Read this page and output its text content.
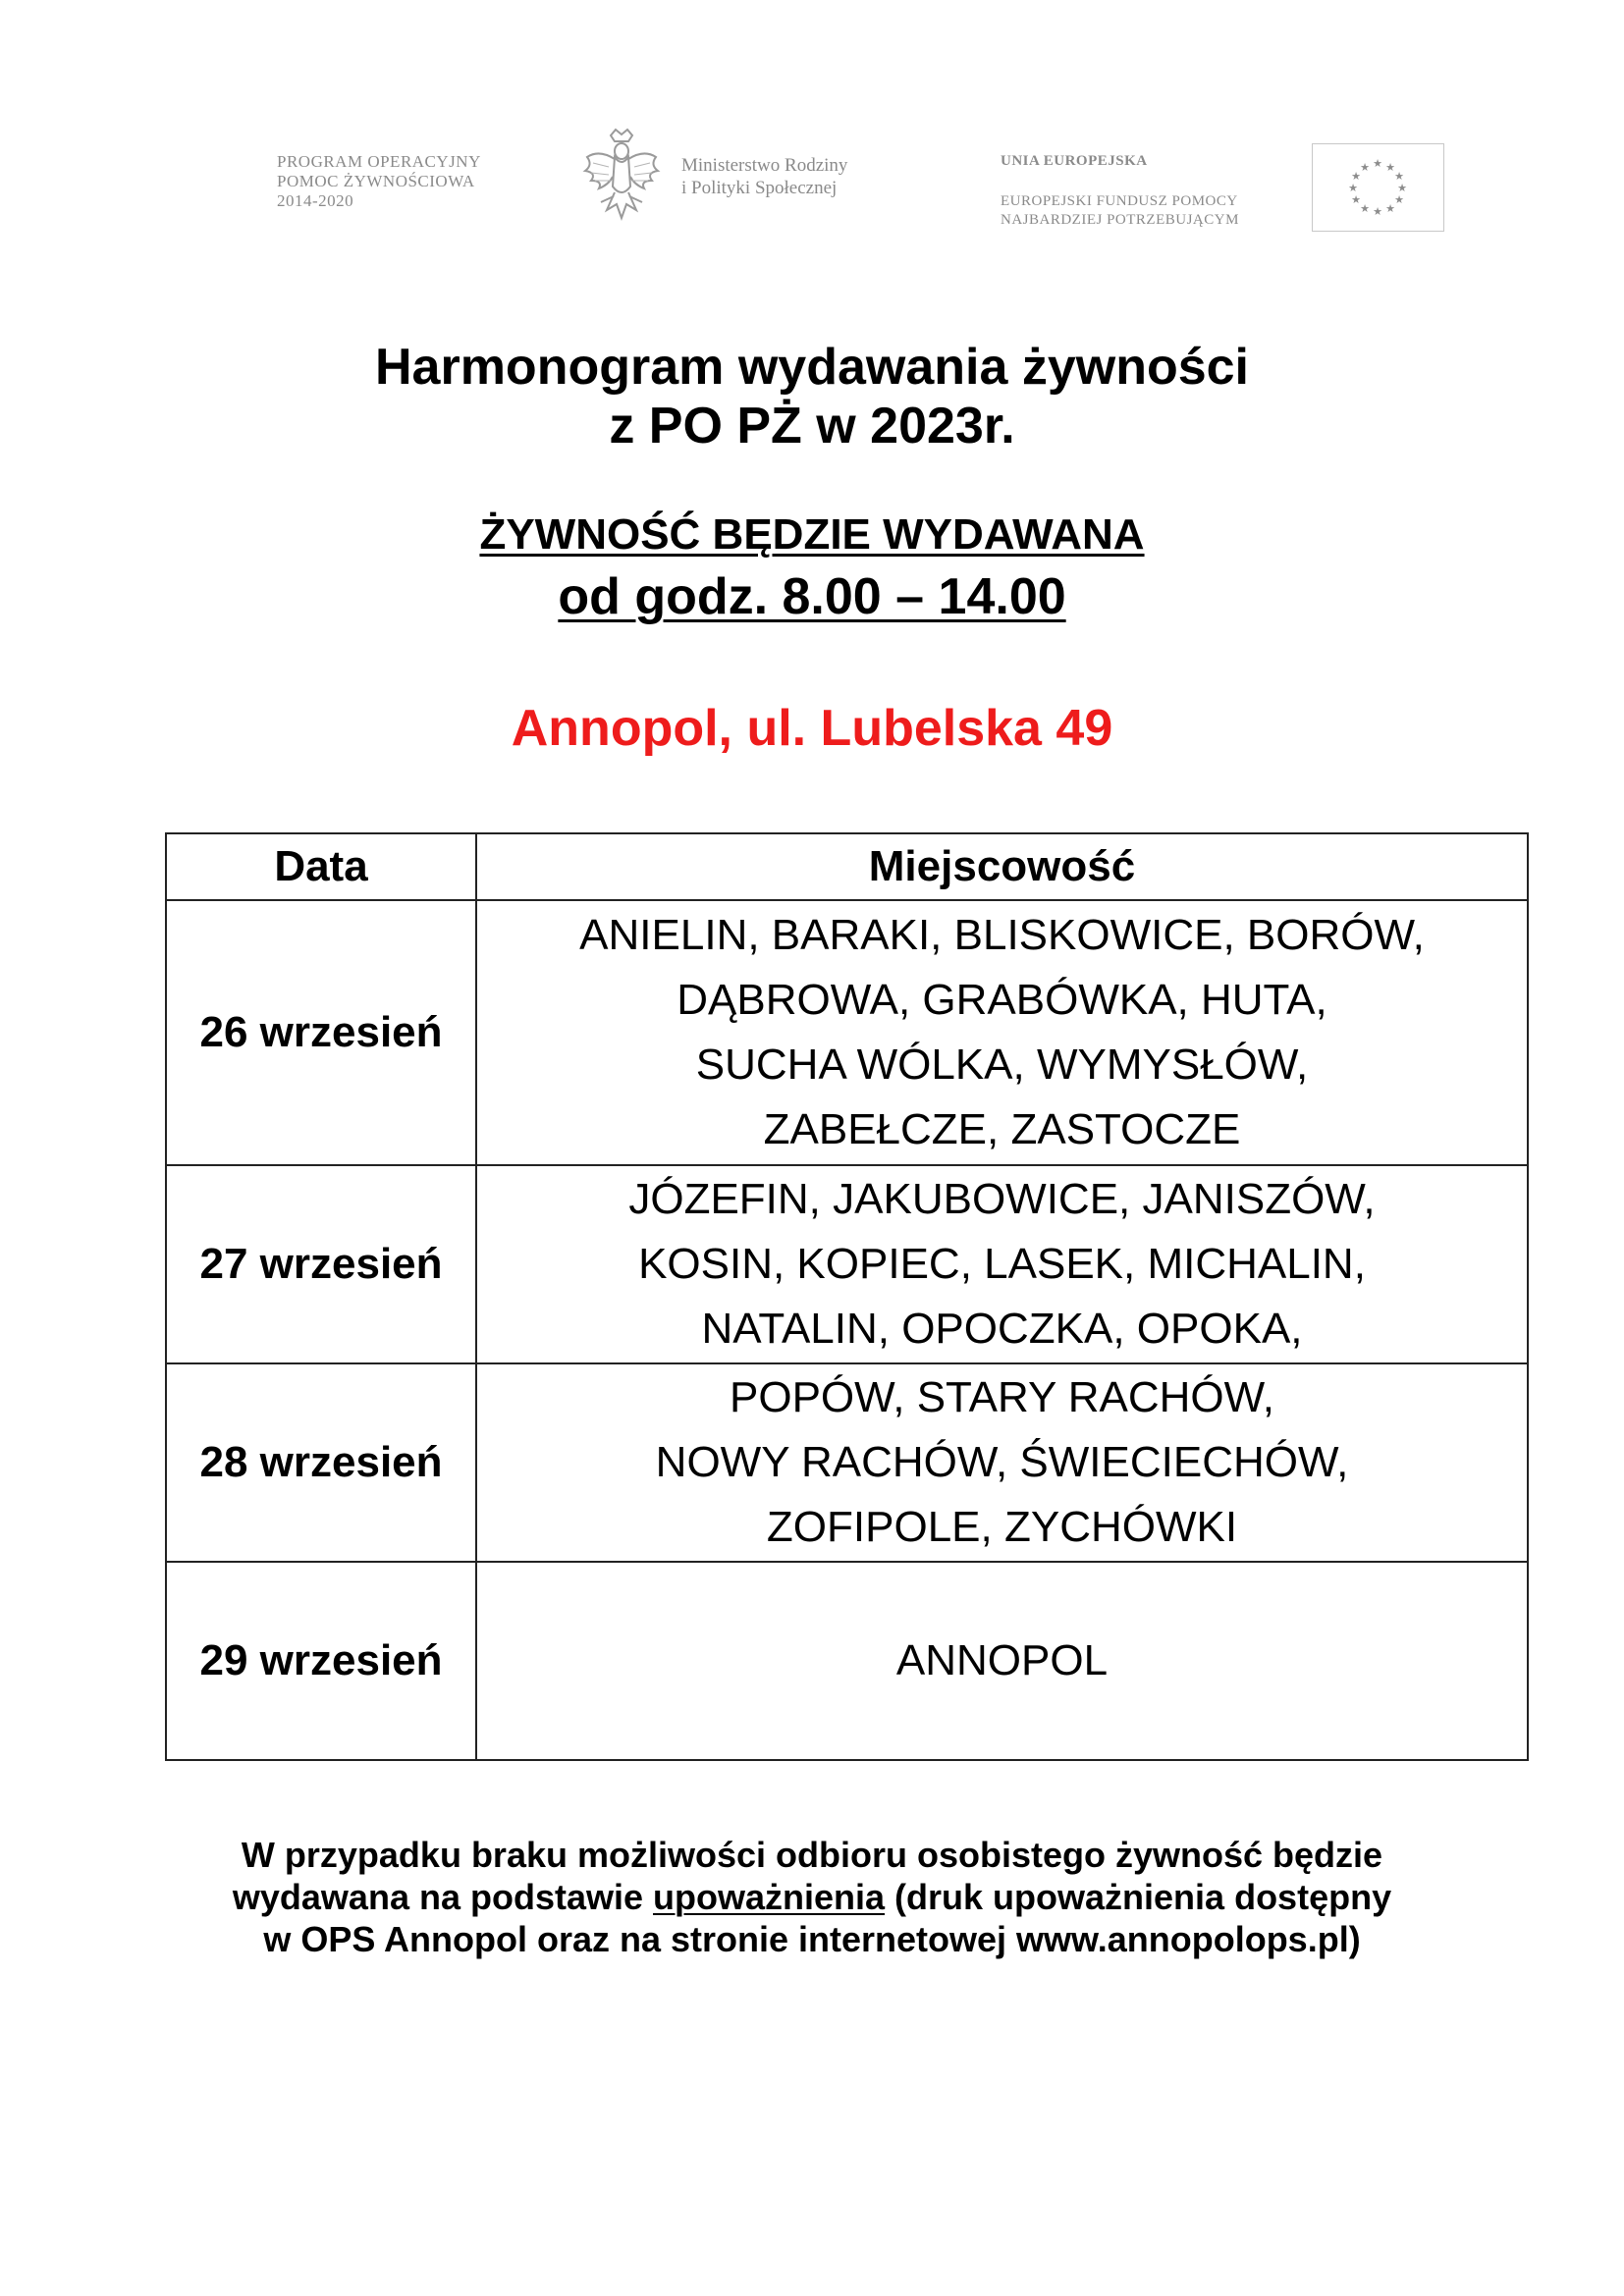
PROGRAM OPERACYJNY
POMOC ŻYWNOŚCIOWA
2014-2020
Ministerstwo Rodziny
i Polityki Społecznej
UNIA EUROPEJSKA
EUROPEJSKI FUNDUSZ POMOCY
NAJBARDZIEJ POTRZEBUJĄCYM
★ ★
★
★
★
★
★
★
★
★
★
★
Harmonogram wydawania żywności
z PO PŻ w 2023r.
ŻYWNOŚĆ BĘDZIE WYDAWANA
od godz. 8.00 – 14.00
Annopol, ul. Lubelska 49
Data	Miejscowość
26 wrzesień	ANIELIN, BARAKI, BLISKOWICE, BORÓW,
DĄBROWA, GRABÓWKA, HUTA,
SUCHA WÓLKA, WYMYSŁÓW,
ZABEŁCZE, ZASTOCZE

27 wrzesień	JÓZEFIN, JAKUBOWICE, JANISZÓW,
KOSIN, KOPIEC, LASEK, MICHALIN,
NATALIN, OPOCZKA, OPOKA,

28 wrzesień	POPÓW, STARY RACHÓW,
NOWY RACHÓW, ŚWIECIECHÓW,
ZOFIPOLE, ZYCHÓWKI

29 wrzesień	ANNOPOL
W przypadku braku możliwości odbioru osobistego żywność będzie
wydawana na podstawie upoważnienia (druk upoważnienia dostępny
w OPS Annopol oraz na stronie internetowej www.annopolops.pl)
